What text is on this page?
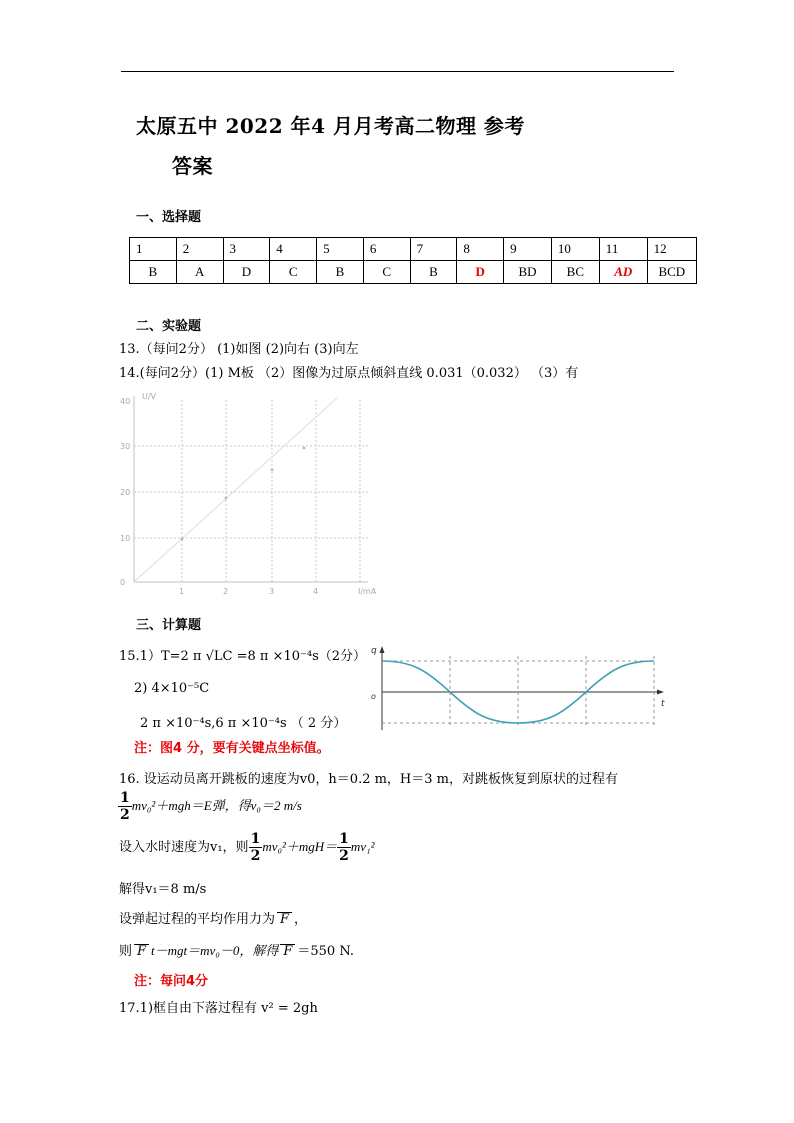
太原五中 2022 年4 月月考高二物理 参考
答案
一、选择题
1	2	3	4	5	6	7	8	9	10	11	12
B	A	D	C	B	C	B	D	BD	BC	AD	BCD
二、实验题
13.（每问2分） (1)如图 (2)向右 (3)向左
14.(每问2分）(1) M板 （2）图像为过原点倾斜直线 0.031（0.032） （3）有
0
10
20
30
40
1	2	3	4
U/V
I/mA
三、计算题
15.1）T=2 π √LC =8 π ×10⁻⁴s（2分）
2) 4×10⁻⁵C
2 π ×10⁻⁴s,6 π ×10⁻⁴s （ 2 分）
注：图4 分，要有关键点坐标值。
q
o
t
16. 设运动员离开跳板的速度为v0，h＝0.2 m，H＝3 m，对跳板恢复到原状的过程有
$\frac{1}{2} mv_0^2+mgh=E$弹，得v₀＝2 m/s
设入水时速度为v₁，则 $\frac{1}{2} mv_0^2+mgH= \frac{1}{2} mv_1^2$
解得v₁＝8 m/s
设弹起过程的平均作用力为 F ，
则 F t－mgt＝mv₀－0，解得 F ＝550 N.
注：每问4分
17.1)框自由下落过程有 v² = 2gh
